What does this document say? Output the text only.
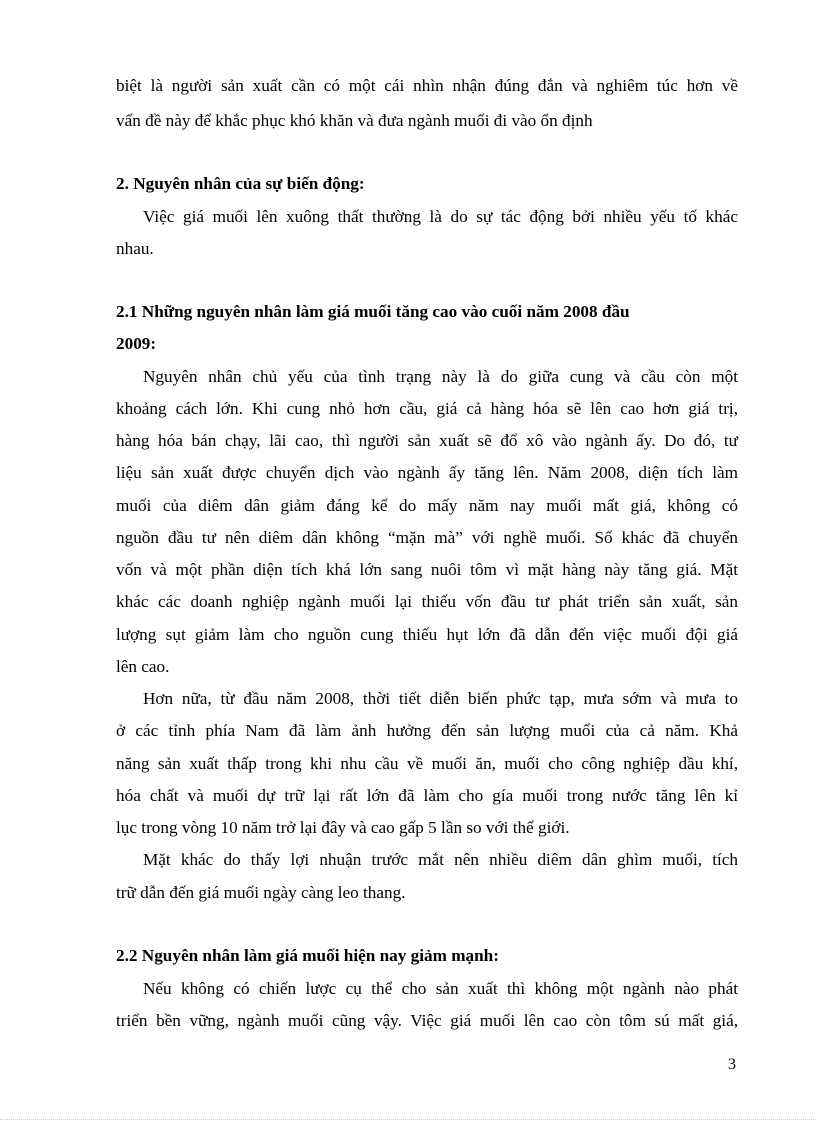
biệt là người sản xuất cần có một cái nhìn nhận đúng đắn và nghiêm túc hơn về
vấn đề này để khắc phục khó khăn và đưa ngành muối đi vào ổn định
2. Nguyên nhân của sự biến động:
Việc giá muối lên xuông thất thường là do sự tác động bởi nhiều yếu tố khác
nhau.
2.1 Những nguyên nhân làm giá muối tăng cao vào cuối năm 2008 đầu
2009:
Nguyên nhân chủ yếu của tình trạng này là do giữa cung và cầu còn một
khoảng cách lớn. Khi cung nhỏ hơn cầu, giá cả hàng hóa sẽ lên cao hơn giá trị,
hàng hóa bán chạy, lãi cao, thì người sản xuất sẽ đổ xô vào ngành ấy. Do đó, tư
liệu sản xuất được chuyển dịch vào ngành ấy tăng lên. Năm 2008, diện tích làm
muối của diêm dân giảm đáng kể do mấy năm nay muối mất giá, không có
nguồn đầu tư nên diêm dân không “mặn mà” với nghề muối. Số khác đã chuyển
vốn và một phần diện tích khá lớn sang nuôi tôm vì mặt hàng này tăng giá. Mặt
khác các doanh nghiệp ngành muối lại thiếu vốn đầu tư phát triển sản xuất, sản
lượng sụt giảm làm cho nguồn cung thiếu hụt lớn đã dẫn đến việc muối đội giá
lên cao.
Hơn nữa, từ đầu năm 2008, thời tiết diễn biến phức tạp, mưa sớm và mưa to
ở các tỉnh phía Nam đã làm ảnh hưởng đến sản lượng muối của cả năm. Khả
năng sản xuất thấp trong khi nhu cầu về muối ăn, muối cho công nghiệp dầu khí,
hóa chất và muối dự trữ lại rất lớn đã làm cho gía muối trong nước tăng lên kỉ
lục trong vòng 10 năm trở lại đây và cao gấp 5 lần so với thế giới.
Mặt khác do thấy lợi nhuận trước mắt nên nhiều diêm dân ghìm muối, tích
trữ dẫn đến giá muối ngày càng leo thang.
2.2 Nguyên nhân làm giá muối hiện nay giảm mạnh:
Nếu không có chiến lược cụ thể cho sản xuất thì không một ngành nào phát
triển bền vững, ngành muối cũng vậy. Việc giá muối lên cao còn tôm sú mất giá,
3
